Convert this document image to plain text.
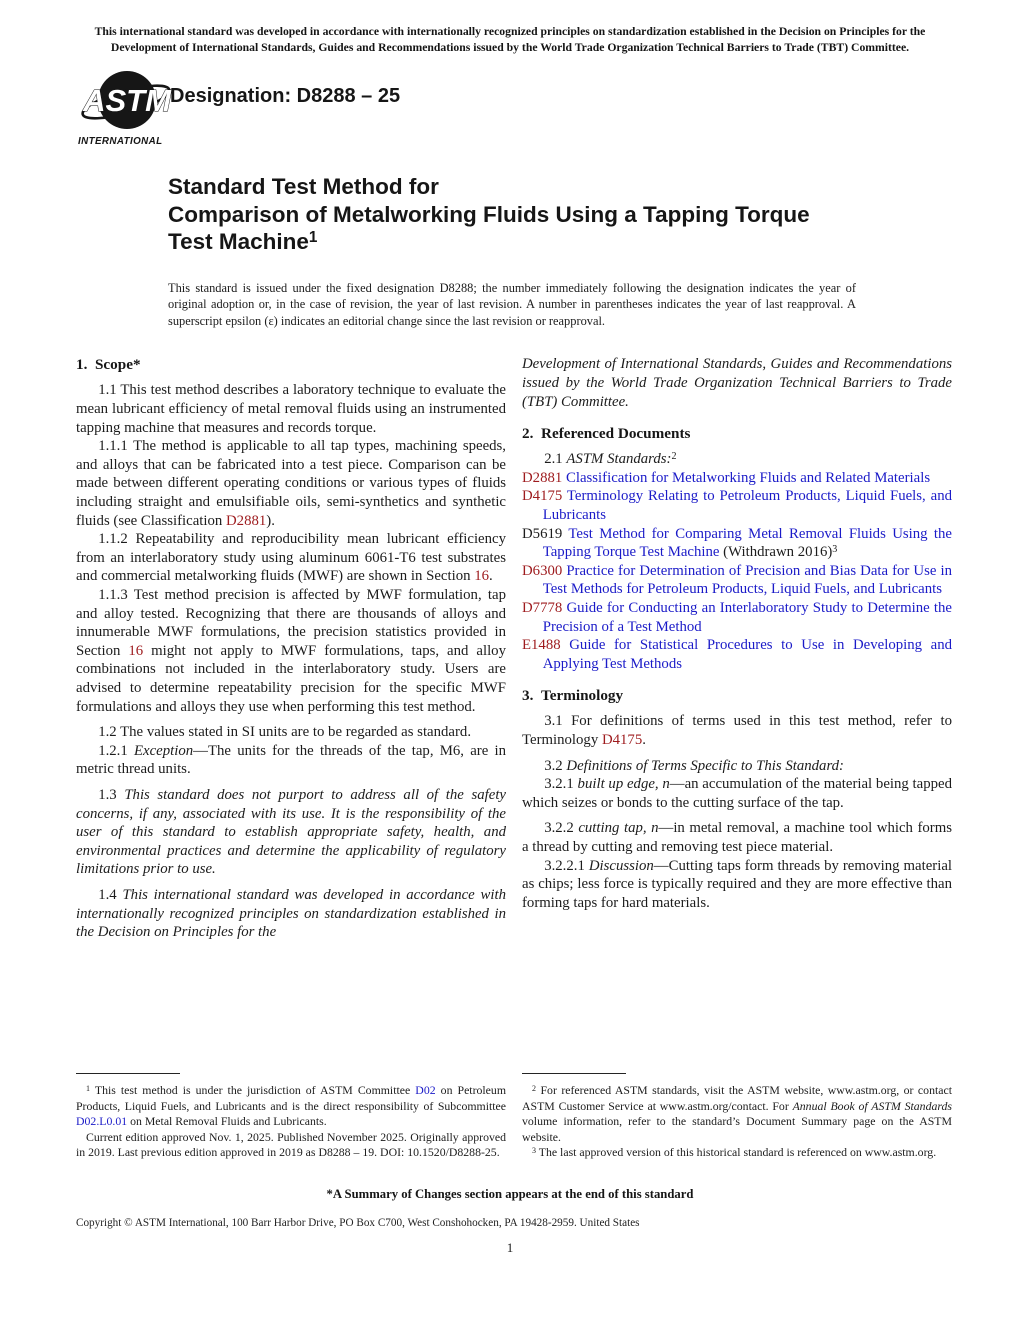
This international standard was developed in accordance with internationally recognized principles on standardization established in the Decision on Principles for the
Development of International Standards, Guides and Recommendations issued by the World Trade Organization Technical Barriers to Trade (TBT) Committee.
ASTM
INTERNATIONAL
Designation: D8288 – 25
Standard Test Method for
Comparison of Metalworking Fluids Using a Tapping Torque
Test Machine$^1$
This standard is issued under the fixed designation D8288; the number immediately following the designation indicates the year of original adoption or, in the case of revision, the year of last revision. A number in parentheses indicates the year of last reapproval. A superscript epsilon (ε) indicates an editorial change since the last revision or reapproval.
1.  Scope*

1.1 This test method describes a laboratory technique to evaluate the mean lubricant efficiency of metal removal fluids using an instrumented tapping machine that measures and records torque.

1.1.1 The method is applicable to all tap types, machining speeds, and alloys that can be fabricated into a test piece. Comparison can be made between different operating conditions or various types of fluids including straight and emulsifiable oils, semi-synthetics and synthetic fluids (see Classification D2881).

1.1.2 Repeatability and reproducibility mean lubricant efficiency from an interlaboratory study using aluminum 6061-T6 test substrates and commercial metalworking fluids (MWF) are shown in Section 16.

1.1.3 Test method precision is affected by MWF formulation, tap and alloy tested. Recognizing that there are thousands of alloys and innumerable MWF formulations, the precision statistics provided in Section 16 might not apply to MWF formulations, taps, and alloy combinations not included in the interlaboratory study. Users are advised to determine repeatability precision for the specific MWF formulations and alloys they use when performing this test method.

1.2 The values stated in SI units are to be regarded as standard.

1.2.1 Exception—The units for the threads of the tap, M6, are in metric thread units.

1.3 This standard does not purport to address all of the safety concerns, if any, associated with its use. It is the responsibility of the user of this standard to establish appropriate safety, health, and environmental practices and determine the applicability of regulatory limitations prior to use.

1.4 This international standard was developed in accordance with internationally recognized principles on standardization established in the Decision on Principles for the

Development of International Standards, Guides and Recommendations issued by the World Trade Organization Technical Barriers to Trade (TBT) Committee.

2.  Referenced Documents

2.1 ASTM Standards:$^2$

D2881 Classification for Metalworking Fluids and Related Materials

D4175 Terminology Relating to Petroleum Products, Liquid Fuels, and Lubricants

D5619 Test Method for Comparing Metal Removal Fluids Using the Tapping Torque Test Machine (Withdrawn 2016)$^3$

D6300 Practice for Determination of Precision and Bias Data for Use in Test Methods for Petroleum Products, Liquid Fuels, and Lubricants

D7778 Guide for Conducting an Interlaboratory Study to Determine the Precision of a Test Method

E1488 Guide for Statistical Procedures to Use in Developing and Applying Test Methods

3.  Terminology

3.1 For definitions of terms used in this test method, refer to Terminology D4175.

3.2 Definitions of Terms Specific to This Standard:

3.2.1 built up edge, n—an accumulation of the material being tapped which seizes or bonds to the cutting surface of the tap.

3.2.2 cutting tap, n—in metal removal, a machine tool which forms a thread by cutting and removing test piece material.

3.2.2.1 Discussion—Cutting taps form threads by removing material as chips; less force is typically required and they are more effective than forming taps for hard materials.

$^1$ This test method is under the jurisdiction of ASTM Committee D02 on Petroleum Products, Liquid Fuels, and Lubricants and is the direct responsibility of Subcommittee D02.L0.01 on Metal Removal Fluids and Lubricants.

Current edition approved Nov. 1, 2025. Published November 2025. Originally approved in 2019. Last previous edition approved in 2019 as D8288 – 19. DOI: 10.1520/D8288-25.

$^2$ For referenced ASTM standards, visit the ASTM website, www.astm.org, or contact ASTM Customer Service at www.astm.org/contact. For Annual Book of ASTM Standards volume information, refer to the standard’s Document Summary page on the ASTM website.

$^3$ The last approved version of this historical standard is referenced on www.astm.org.

*A Summary of Changes section appears at the end of this standard
Copyright © ASTM International, 100 Barr Harbor Drive, PO Box C700, West Conshohocken, PA 19428-2959. United States
1
